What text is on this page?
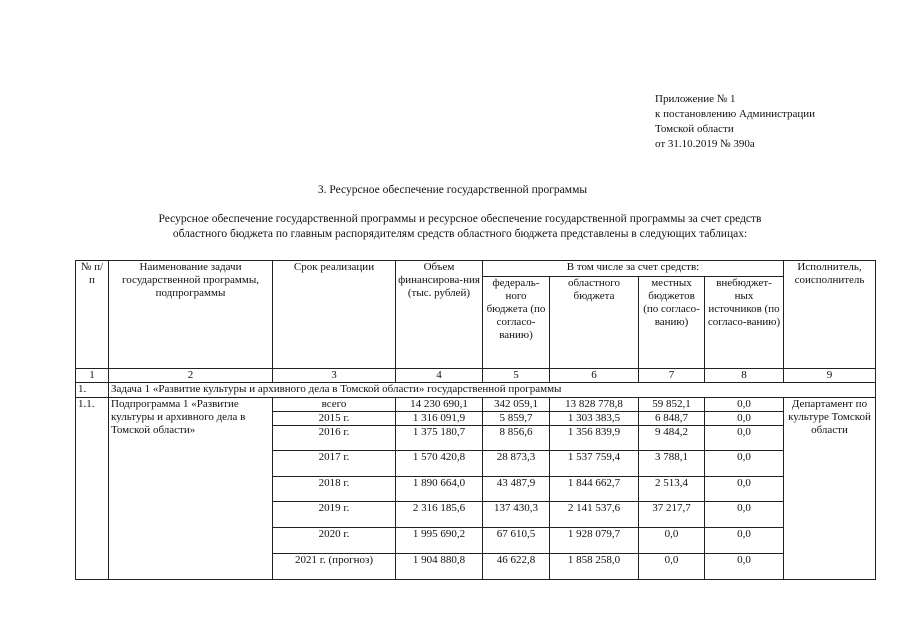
Приложение № 1
к постановлению Администрации
Томской области
от 31.10.2019 № 390а
3. Ресурсное обеспечение государственной программы
Ресурсное обеспечение государственной программы и ресурсное обеспечение государственной программы за счет средств
областного бюджета по главным распорядителям средств областного бюджета представлены в следующих таблицах:
№ п/п	Наименование задачи государственной программы, подпрограммы	Срок реализации	Объем финансирова-ния (тыс. рублей)	В том числе за счет средств:				Исполнитель, соисполнитель
				федераль-ного бюджета (по согласо-ванию)	областного бюджета	местных бюджетов (по согласо-ванию)	внебюджет-ных источников (по согласо-ванию)	
1	2	3	4	5	6	7	8	9
1.	Задача 1 «Развитие культуры и архивного дела в Томской области» государственной программы							
1.1.	Подпрограмма 1 «Развитие культуры и архивного дела в Томской области»	всего	14 230 690,1	342 059,1	13 828 778,8	59 852,1	0,0	Департамент по культуре Томской области
		2015 г.	1 316 091,9	5 859,7	1 303 383,5	6 848,7	0,0	
		2016 г.	1 375 180,7	8 856,6	1 356 839,9	9 484,2	0,0	
		2017 г.	1 570 420,8	28 873,3	1 537 759,4	3 788,1	0,0	
		2018 г.	1 890 664,0	43 487,9	1 844 662,7	2 513,4	0,0	
		2019 г.	2 316 185,6	137 430,3	2 141 537,6	37 217,7	0,0	
		2020 г.	1 995 690,2	67 610,5	1 928 079,7	0,0	0,0	
		2021 г. (прогноз)	1 904 880,8	46 622,8	1 858 258,0	0,0	0,0	
